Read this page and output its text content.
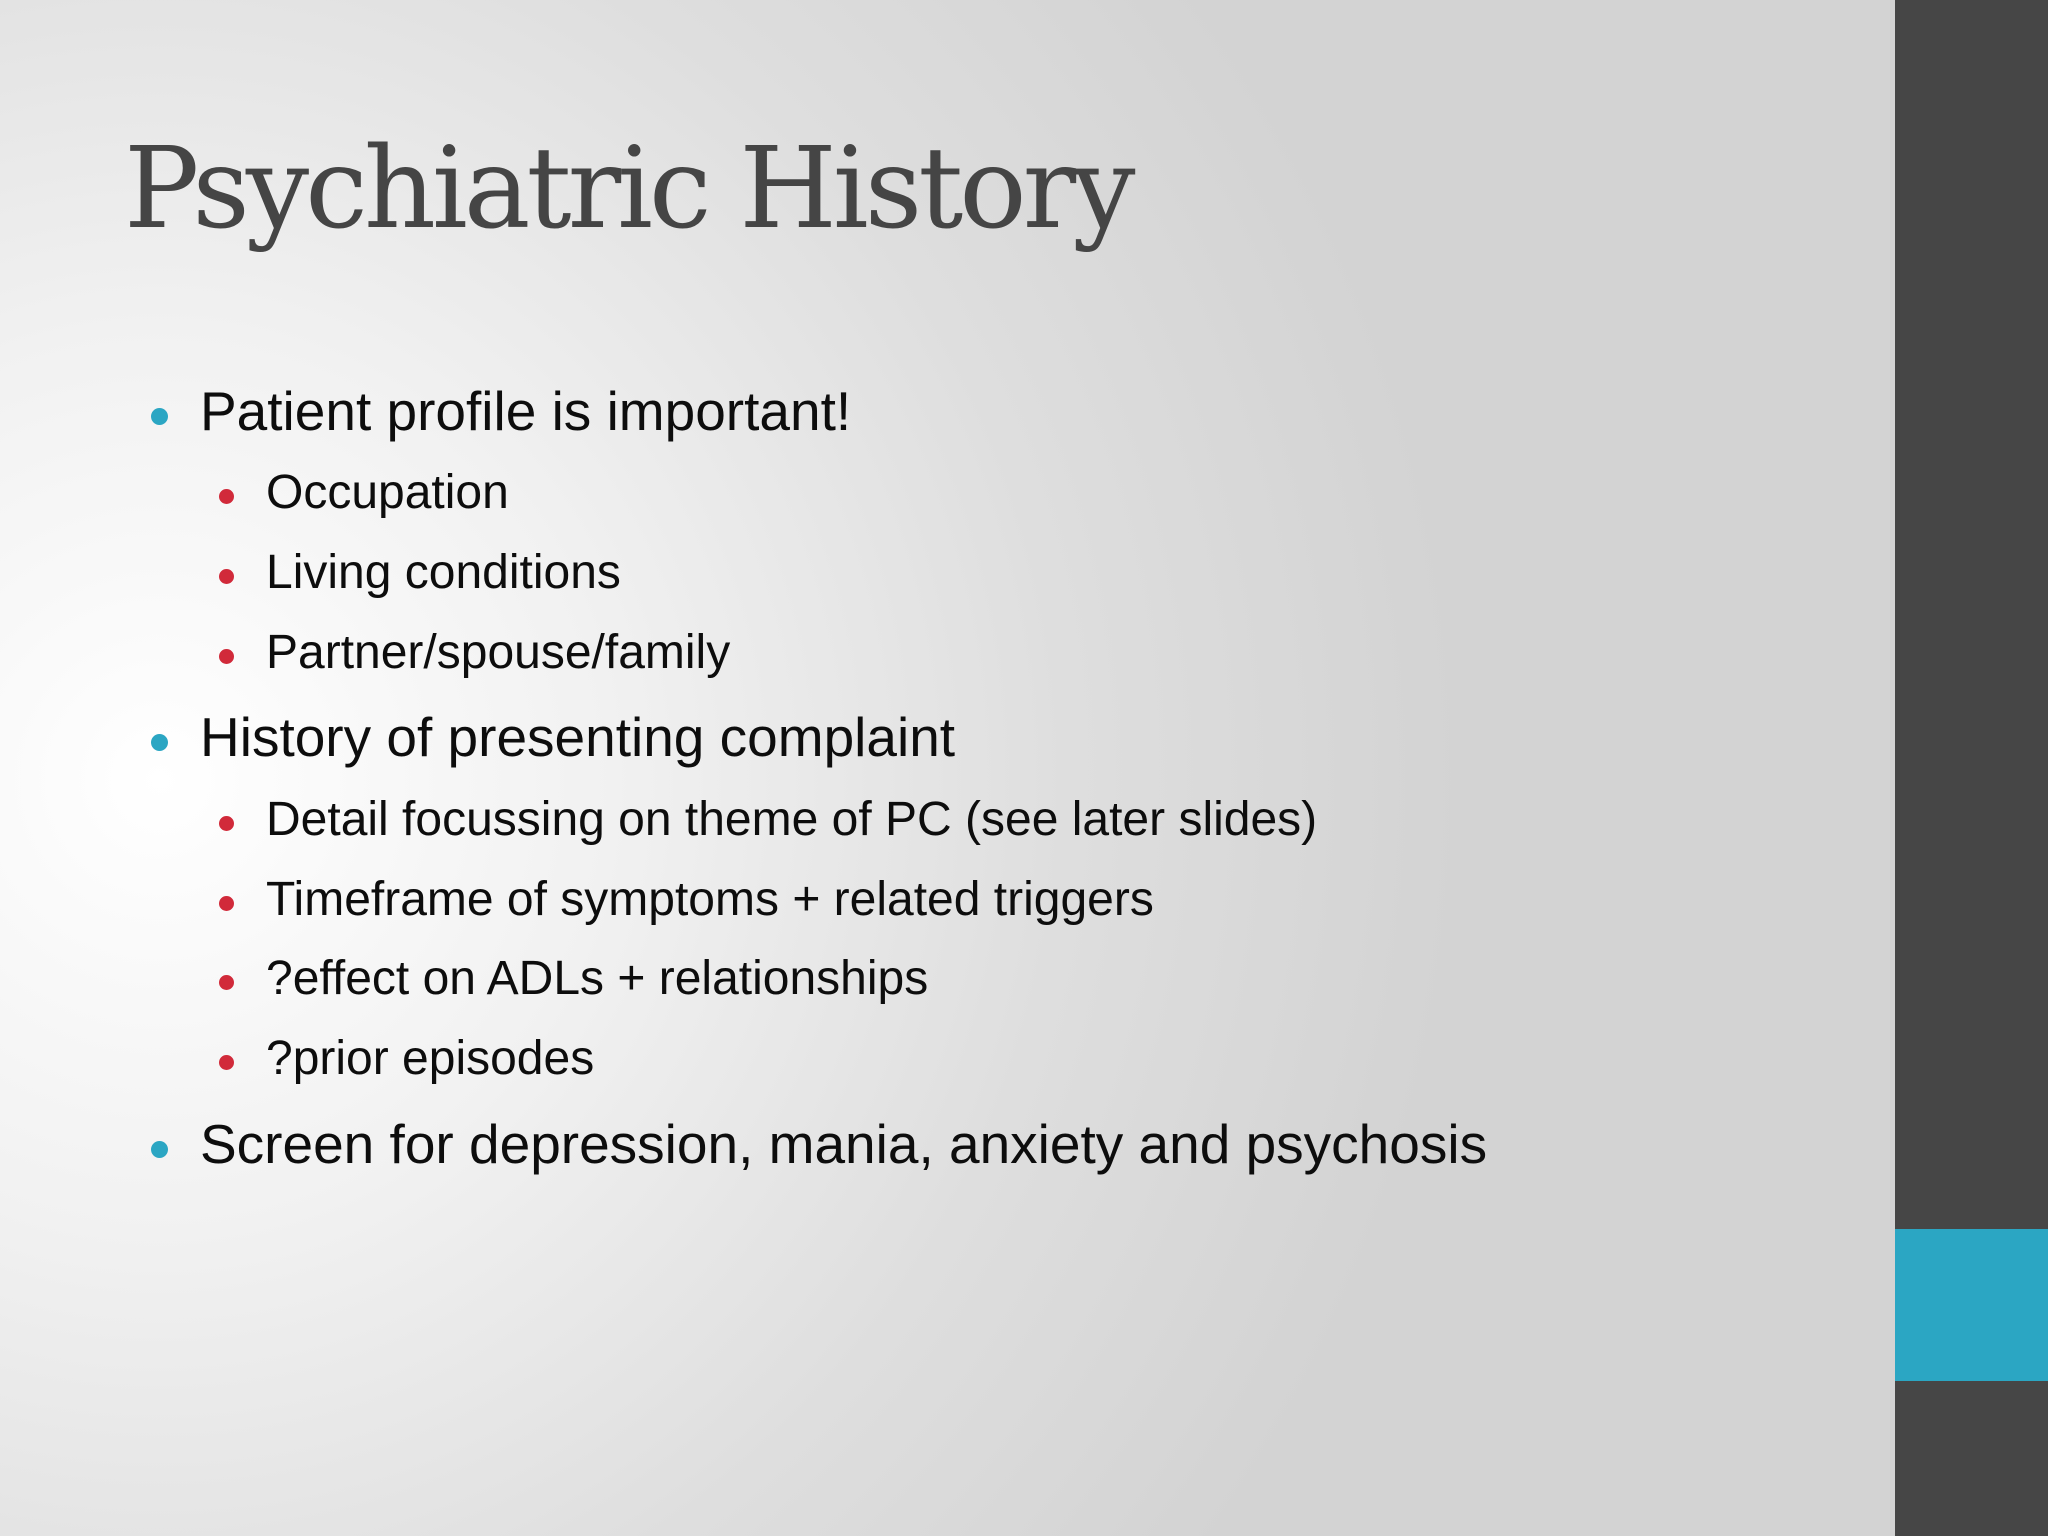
Psychiatric History
Patient profile is important!
Occupation
Living conditions
Partner/spouse/family
History of presenting complaint
Detail focussing on theme of PC (see later slides)
Timeframe of symptoms + related triggers
?effect on ADLs + relationships
?prior episodes
Screen for depression, mania, anxiety and psychosis
